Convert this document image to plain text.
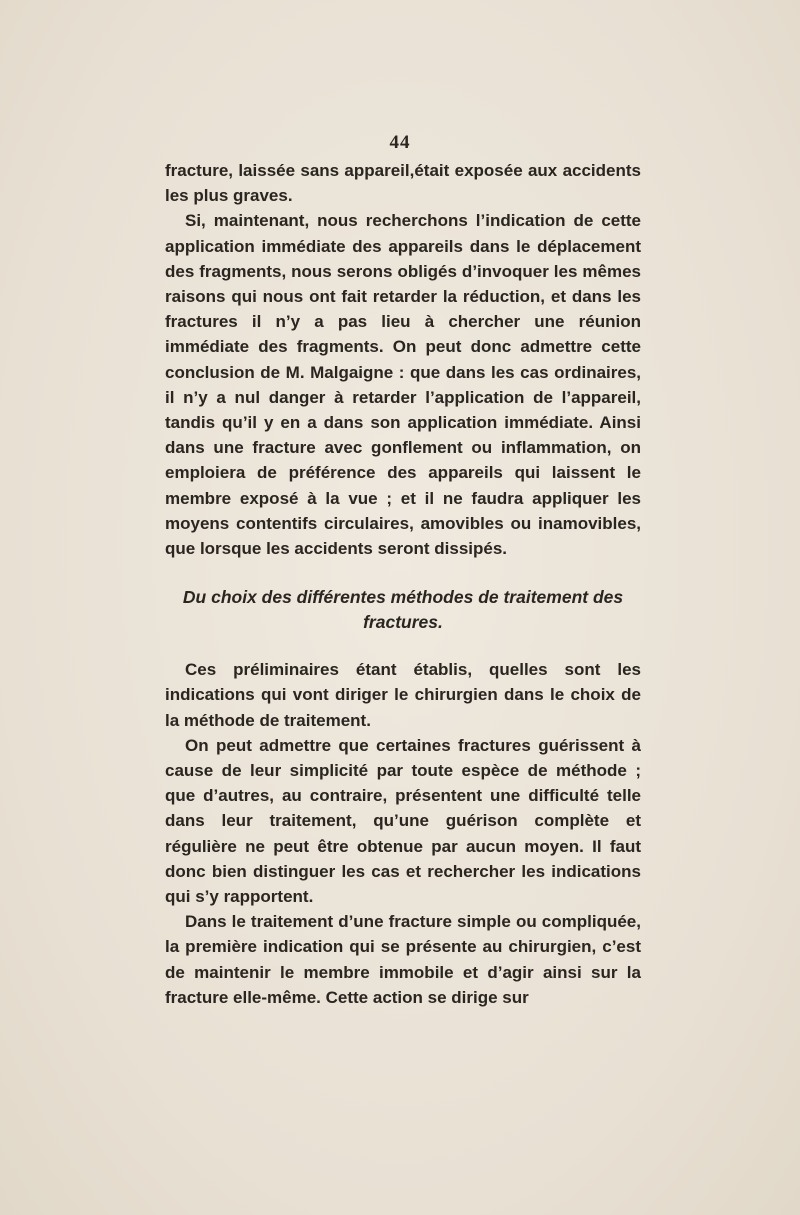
44

fracture, laissée sans appareil,était exposée aux accidents les plus graves.

Si, maintenant, nous recherchons l’indication de cette application immédiate des appareils dans le déplacement des fragments, nous serons obligés d’invoquer les mêmes raisons qui nous ont fait retarder la réduction, et dans les fractures il n’y a pas lieu à chercher une réunion immédiate des fragments. On peut donc admettre cette conclusion de M. Malgaigne : que dans les cas ordinaires, il n’y a nul danger à retarder l’application de l’appareil, tandis qu’il y en a dans son application immédiate. Ainsi dans une fracture avec gonflement ou inflammation, on emploiera de préférence des appareils qui laissent le membre exposé à la vue ; et il ne faudra appliquer les moyens contentifs circulaires, amovibles ou inamovibles, que lorsque les accidents seront dissipés.

Du choix des différentes méthodes de traitement des fractures.

Ces préliminaires étant établis, quelles sont les indications qui vont diriger le chirurgien dans le choix de la méthode de traitement.

On peut admettre que certaines fractures guérissent à cause de leur simplicité par toute espèce de méthode ; que d’autres, au contraire, présentent une difficulté telle dans leur traitement, qu’une guérison complète et régulière ne peut être obtenue par aucun moyen. Il faut donc bien distinguer les cas et rechercher les indications qui s’y rapportent.

Dans le traitement d’une fracture simple ou compliquée, la première indication qui se présente au chirurgien, c’est de maintenir le membre immobile et d’agir ainsi sur la fracture elle-même. Cette action se dirige sur
